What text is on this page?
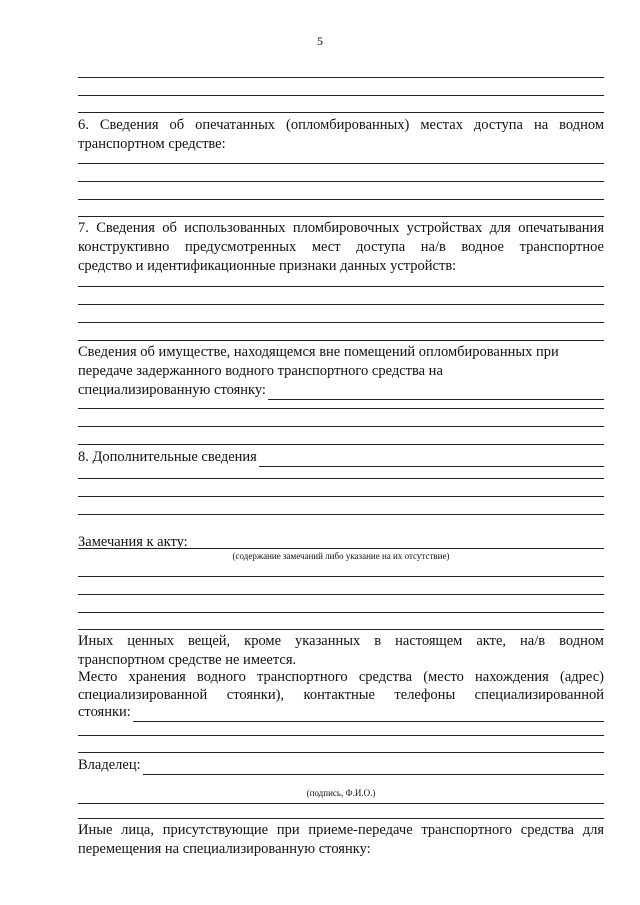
5
6. Сведения об опечатанных (опломбированных) местах доступа на водном
транспортном средстве:
7. Сведения об использованных пломбировочных устройствах для опечатывания
конструктивно предусмотренных мест доступа на/в водное транспортное
средство и идентификационные признаки данных устройств:
Сведения об имуществе, находящемся вне помещений опломбированных при
передаче задержанного водного транспортного средства на
специализированную стоянку:
8. Дополнительные сведения
Замечания к акту:
(содержание замечаний либо указание на их отсутствие)
Иных ценных вещей, кроме указанных в настоящем акте, на/в водном
транспортном средстве не имеется.
Место хранения водного транспортного средства (место нахождения (адрес)
специализированной стоянки), контактные телефоны специализированной
стоянки:
Владелец:
(подпись, Ф.И.О.)
Иные лица, присутствующие при приеме-передаче транспортного средства для
перемещения на специализированную стоянку:
